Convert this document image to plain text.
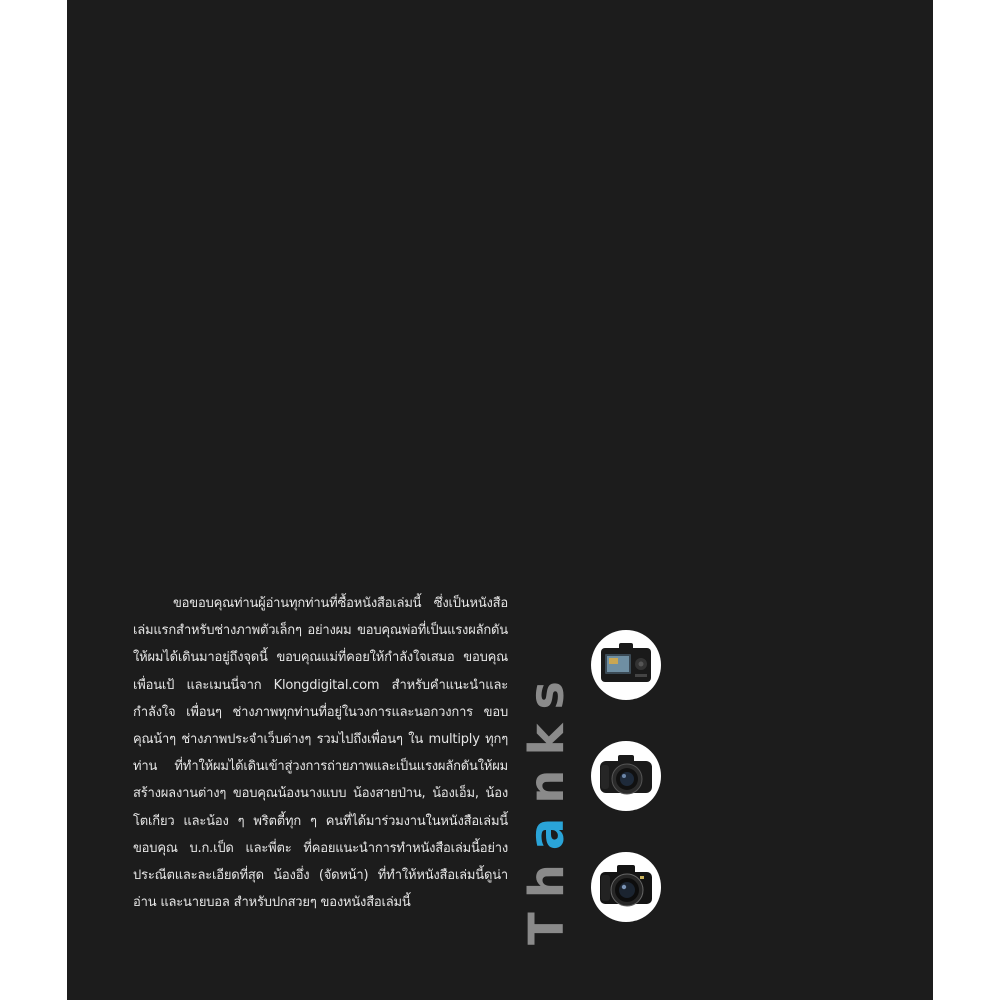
ขอขอบคุณท่านผู้อ่านทุกท่านที่ซื้อหนังสือเล่มนี้ ซึ่งเป็นหนังสือเล่มแรกสำหรับช่างภาพตัวเล็กๆ อย่างผม ขอบคุณพ่อที่เป็นแรงผลักดันให้ผมได้เดินมาอยู่ถึงจุดนี้ ขอบคุณแม่ที่คอยให้กำลังใจเสมอ ขอบคุณเพื่อนเป้ และเมนนี่จาก Klongdigital.com สำหรับคำแนะนำและกำลังใจ เพื่อนๆ ช่างภาพทุกท่านที่อยู่ในวงการและนอกวงการ ขอบคุณน้าๆ ช่างภาพประจำเว็บต่างๆ รวมไปถึงเพื่อนๆ ใน multiply ทุกๆ ท่าน ที่ทำให้ผมได้เดินเข้าสู่วงการถ่ายภาพและเป็นแรงผลักดันให้ผมสร้างผลงานต่างๆ ขอบคุณน้องนางแบบ น้องสายป่าน, น้องเอ็ม, น้องโตเกียว และน้อง ๆ พริตตี้ทุก ๆ คนที่ได้มาร่วมงานในหนังสือเล่มนี้ ขอบคุณ บ.ก.เป็ด และพี่ตะ ที่คอยแนะนำการทำหนังสือเล่มนี้อย่างประณีตและละเอียดที่สุด น้องอึ่ง (จัดหน้า) ที่ทำให้หนังสือเล่มนี้ดูน่าอ่าน และนายบอล สำหรับปกสวยๆ ของหนังสือเล่มนี้	Thanks
